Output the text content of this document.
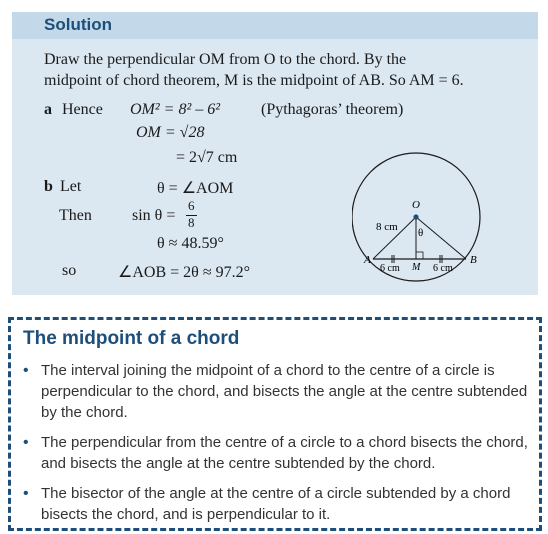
Solution
Draw the perpendicular OM from O to the chord. By the
midpoint of chord theorem, M is the midpoint of AB. So AM = 6.
a Hence OM² = 8² – 6²	(Pythagoras’ theorem)
OM = √28
= 2√7 cm
b Let	θ = ∠AOM
Then	sin θ =
6
8
θ ≈ 48.59°
so	∠AOB = 2θ ≈ 97.2°
O
A	B
M
θ
8 cm
6 cm	6 cm
The midpoint of a chord
• The interval joining the midpoint of a chord to the centre of a circle is perpendicular to the chord, and bisects the angle at the centre subtended by the chord.
• The perpendicular from the centre of a circle to a chord bisects the chord, and bisects the angle at the centre subtended by the chord.
• The bisector of the angle at the centre of a circle subtended by a chord bisects the chord, and is perpendicular to it.
